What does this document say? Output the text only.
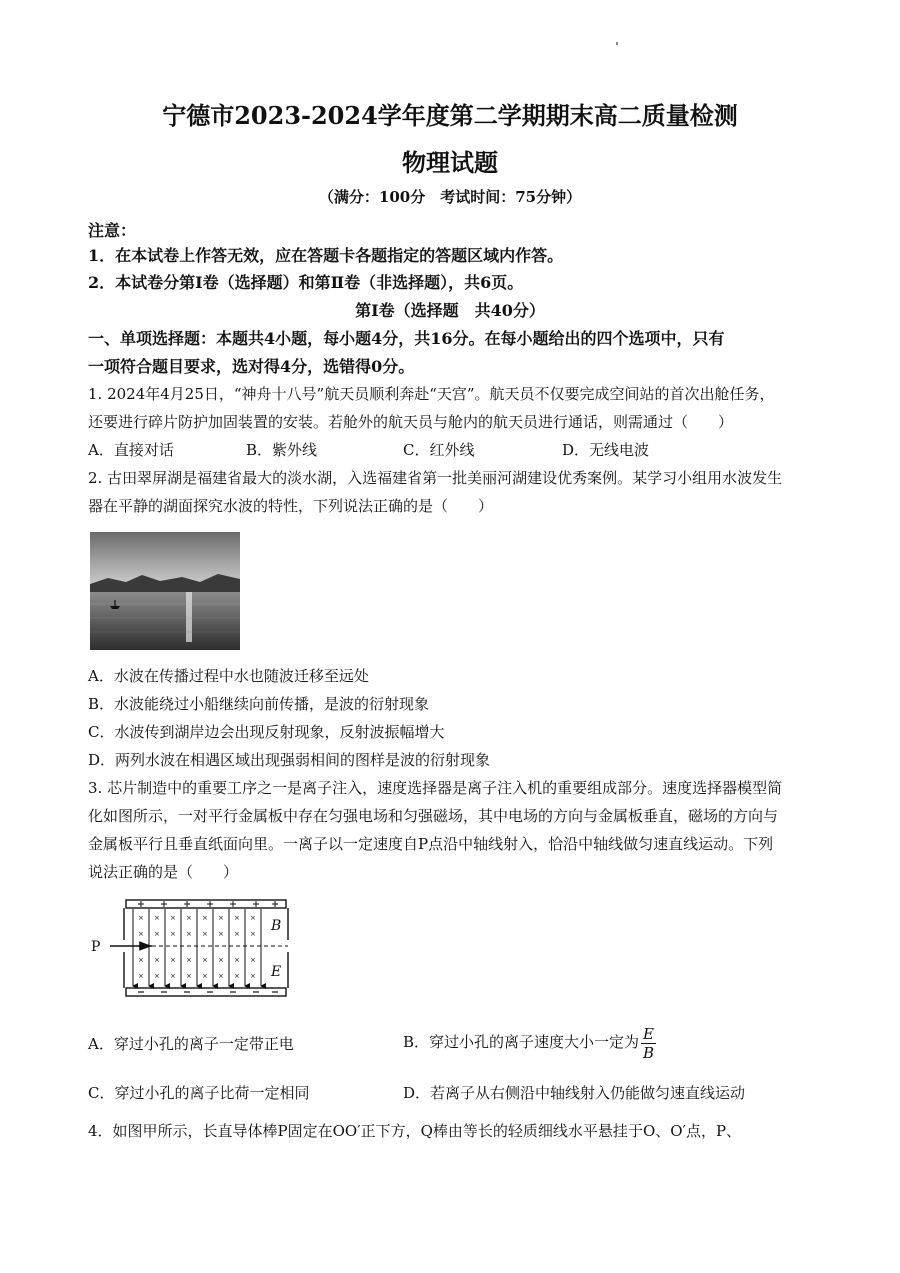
宁德市2023-2024学年度第二学期期末高二质量检测
物理试题
（满分：100分　考试时间：75分钟）
注意：
1．在本试卷上作答无效，应在答题卡各题指定的答题区域内作答。
2．本试卷分第Ⅰ卷（选择题）和第Ⅱ卷（非选择题），共6页。
第Ⅰ卷（选择题　共40分）
一、单项选择题：本题共4小题，每小题4分，共16分。在每小题给出的四个选项中，只有
一项符合题目要求，选对得4分，选错得0分。
1. 2024年4月25日，“神舟十八号”航天员顺利奔赴“天宫”。航天员不仅要完成空间站的首次出舱任务，
还要进行碎片防护加固装置的安装。若舱外的航天员与舱内的航天员进行通话，则需通过（　　）
A．直接对话	B．紫外线	C．红外线	D．无线电波
2. 古田翠屏湖是福建省最大的淡水湖，入选福建省第一批美丽河湖建设优秀案例。某学习小组用水波发生
器在平静的湖面探究水波的特性，下列说法正确的是（　　）
A．水波在传播过程中水也随波迁移至远处
B．水波能绕过小船继续向前传播，是波的衍射现象
C．水波传到湖岸边会出现反射现象，反射波振幅增大
D．两列水波在相遇区域出现强弱相间的图样是波的衍射现象
3. 芯片制造中的重要工序之一是离子注入，速度选择器是离子注入机的重要组成部分。速度选择器模型简
化如图所示，一对平行金属板中存在匀强电场和匀强磁场，其中电场的方向与金属板垂直，磁场的方向与
金属板平行且垂直纸面向里。一离子以一定速度自P点沿中轴线射入，恰沿中轴线做匀速直线运动。下列
说法正确的是（　　）
× × × × × × × ×
× × × × × × × ×
× × × × × × × ×
× × × × × × × ×
P
B
E
A．穿过小孔的离子一定带正电	B．穿过小孔的离子速度大小一定为 $\frac{E}{B}$
C．穿过小孔的离子比荷一定相同	D．若离子从右侧沿中轴线射入仍能做匀速直线运动
4．如图甲所示，长直导体棒P固定在OO′正下方，Q棒由等长的轻质细线水平悬挂于O、O′点，P、
